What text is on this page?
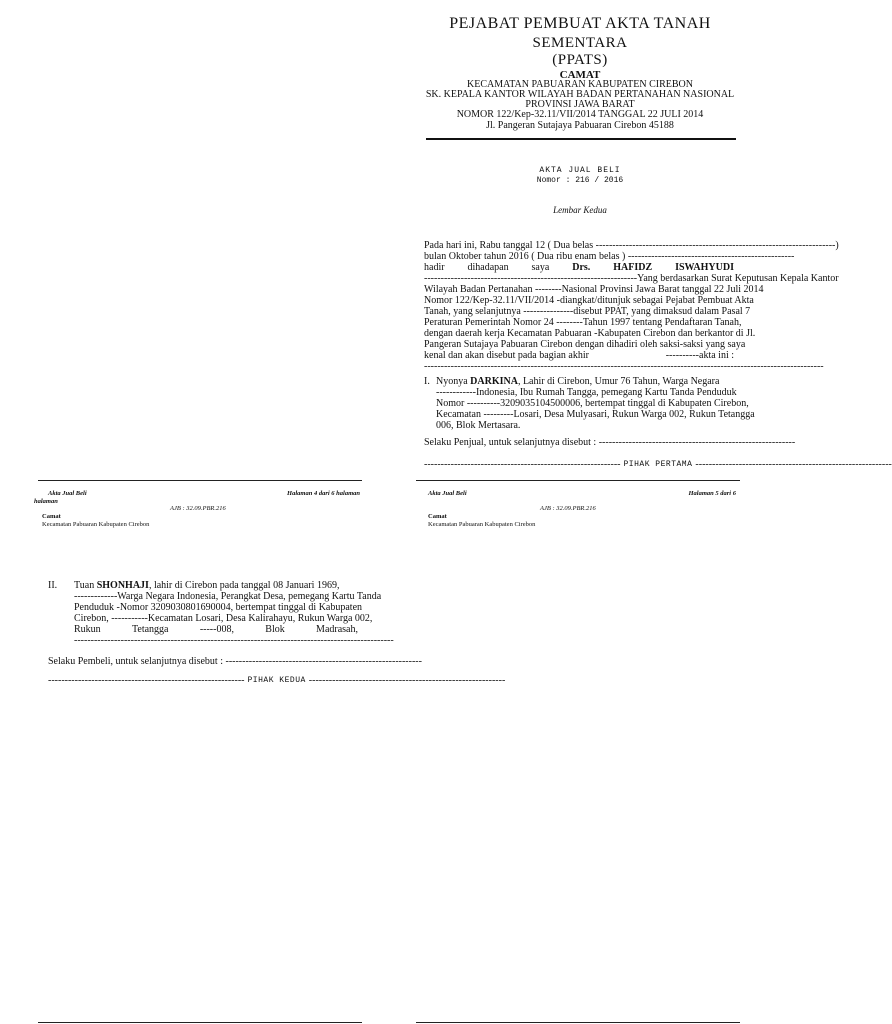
PEJABAT PEMBUAT AKTA TANAH
SEMENTARA
(PPATS)
CAMAT
KECAMATAN PABUARAN KABUPATEN CIREBON
SK. KEPALA KANTOR WILAYAH BADAN PERTANAHAN NASIONAL
PROVINSI JAWA BARAT
NOMOR 122/Kep-32.11/VII/2014 TANGGAL 22 JULI 2014
Jl. Pangeran Sutajaya Pabuaran Cirebon 45188
AKTA JUAL BELI
Nomor : 216 / 2016
Lembar Kedua
Pada hari ini, Rabu tanggal 12 ( Dua belas ------------------------------------------------------------------------ )
bulan Oktober tahun 2016 ( Dua ribu enam belas ) --------------------------------------------------
hadir dihadapan saya Drs. HAFIDZ ISWAHYUDI
---------------------------------------------------------------- Yang berdasarkan Surat Keputusan Kepala Kantor
Wilayah Badan Pertanahan --------Nasional Provinsi Jawa Barat tanggal 22 Juli 2014
Nomor 122/Kep-32.11/VII/2014 -diangkat/ditunjuk sebagai Pejabat Pembuat Akta
Tanah, yang selanjutnya ---------------disebut PPAT, yang dimaksud dalam Pasal 7
Peraturan Pemerintah Nomor 24 --------Tahun 1997 tentang Pendaftaran Tanah,
dengan daerah kerja Kecamatan Pabuaran -Kabupaten Cirebon dan berkantor di Jl.
Pangeran Sutajaya Pabuaran Cirebon dengan dihadiri oleh saksi-saksi yang saya
kenal dan akan disebut pada bagian akhir	----------akta ini :
------------------------------------------------------------------------------------------------------------------------
I. Nyonya DARKINA, Lahir di Cirebon, Umur 76 Tahun, Warga Negara
------------Indonesia, Ibu Rumah Tangga, pemegang Kartu Tanda Penduduk
Nomor ----------3209035104500006, bertempat tinggal di Kabupaten Cirebon,
Kecamatan ---------Losari, Desa Mulyasari, Rukun Warga 002, Rukun Tetangga
006, Blok Mertasara.
Selaku Penjual, untuk selanjutnya disebut : -----------------------------------------------------------
----------------------------------------------------------- PIHAK PERTAMA -----------------------------------------------------------
Akta Jual Beli	Halaman 5 dari 6
AJB : 32.09.PBR.216
Camat
Kecamatan Pabuaran Kabupaten Cirebon
Akta Jual Beli
halaman
Halaman 4 dari 6 halaman
AJB : 32.09.PBR.216
Camat
Kecamatan Pabuaran Kabupaten Cirebon
II. Tuan SHONHAJI, lahir di Cirebon pada tanggal 08 Januari 1969,
-------------Warga Negara Indonesia, Perangkat Desa, pemegang Kartu Tanda
Penduduk -Nomor 3209030801690004, bertempat tinggal di Kabupaten
Cirebon, -----------Kecamatan Losari, Desa Kalirahayu, Rukun Warga 002,
Rukun	Tetangga	-----008,	Blok	Madrasah,
------------------------------------------------------------------------------------------------
Selaku Pembeli, untuk selanjutnya disebut : -----------------------------------------------------------
----------------------------------------------------------- PIHAK KEDUA -----------------------------------------------------------
